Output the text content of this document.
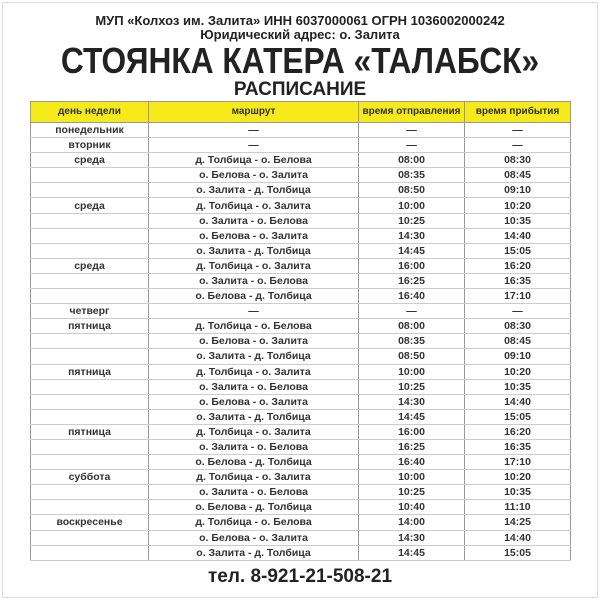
МУП «Колхоз им. Залита» ИНН 6037000061 ОГРН 1036002000242
Юридический адрес: о. Залита
СТОЯНКА КАТЕРА «ТАЛАБСК»
РАСПИСАНИЕ
день недели	маршрут	время отправления	время прибытия
понедельник	—	—	—
вторник	—	—	—
среда	д. Толбица - о. Белова	08:00	08:30
	о. Белова - о. Залита	08:35	08:45
	о. Залита - д. Толбица	08:50	09:10
среда	д. Толбица - о. Залита	10:00	10:20
	о. Залита - о. Белова	10:25	10:35
	о. Белова - о. Залита	14:30	14:40
	о. Залита - д. Толбица	14:45	15:05
среда	д. Толбица - о. Залита	16:00	16:20
	о. Залита - о. Белова	16:25	16:35
	о. Белова - д. Толбица	16:40	17:10
четверг	—	—	—
пятница	д. Толбица - о. Белова	08:00	08:30
	о. Белова - о. Залита	08:35	08:45
	о. Залита - д. Толбица	08:50	09:10
пятница	д. Толбица - о. Залита	10:00	10:20
	о. Залита - о. Белова	10:25	10:35
	о. Белова - о. Залита	14:30	14:40
	о. Залита - д. Толбица	14:45	15:05
пятница	д. Толбица - о. Залита	16:00	16:20
	о. Залита - о. Белова	16:25	16:35
	о. Белова - д. Толбица	16:40	17:10
суббота	д. Толбица - о. Залита	10:00	10:20
	о. Залита - о. Белова	10:25	10:35
	о. Белова - д. Толбица	10:40	11:10
воскресенье	д. Толбица - о. Белова	14:00	14:25
	о. Белова - о. Залита	14:30	14:40
	о. Залита - д. Толбица	14:45	15:05
тел. 8-921-21-508-21
